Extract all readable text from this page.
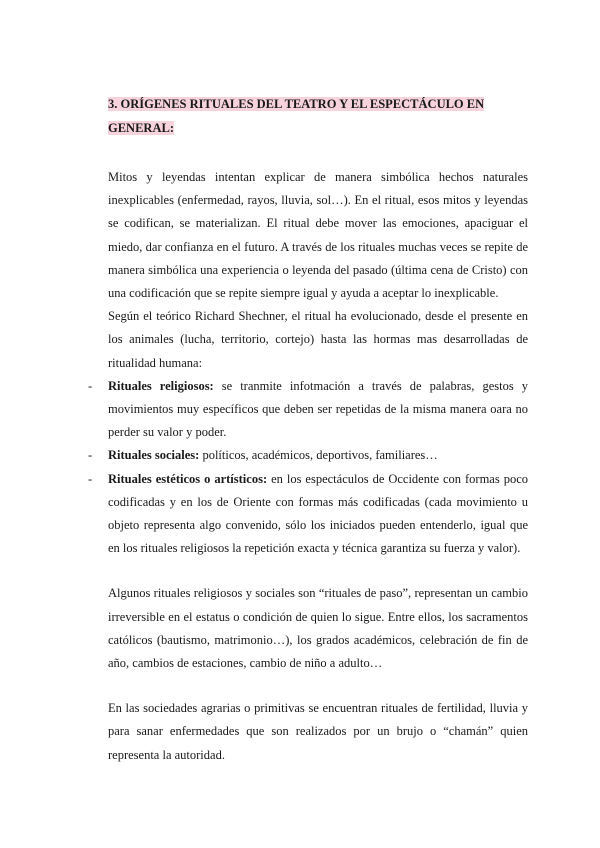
3. ORÍGENES RITUALES DEL TEATRO Y EL ESPECTÁCULO EN
GENERAL:

Mitos y leyendas intentan explicar de manera simbólica hechos naturales inexplicables (enfermedad, rayos, lluvia, sol…). En el ritual, esos mitos y leyendas se codifican, se materializan. El ritual debe mover las emociones, apaciguar el miedo, dar confianza en el futuro. A través de los rituales muchas veces se repite de manera simbólica una experiencia o leyenda del pasado (última cena de Cristo) con una codificación que se repite siempre igual y ayuda a aceptar lo inexplicable.

Según el teórico Richard Shechner, el ritual ha evolucionado, desde el presente en los animales (lucha, territorio, cortejo) hasta las hormas mas desarrolladas de ritualidad humana:

- Rituales religiosos: se tranmite infotmación a través de palabras, gestos y movimientos muy específicos que deben ser repetidas de la misma manera oara no perder su valor y poder.
- Rituales sociales: políticos, académicos, deportivos, familiares…
- Rituales estéticos o artísticos: en los espectáculos de Occidente con formas poco codificadas y en los de Oriente con formas más codificadas (cada movimiento u objeto representa algo convenido, sólo los iniciados pueden entenderlo, igual que en los rituales religiosos la repetición exacta y técnica garantiza su fuerza y valor).

Algunos rituales religiosos y sociales son “rituales de paso”, representan un cambio irreversible en el estatus o condición de quien lo sigue. Entre ellos, los sacramentos católicos (bautismo, matrimonio…), los grados académicos, celebración de fin de año, cambios de estaciones, cambio de niño a adulto…

En las sociedades agrarias o primitivas se encuentran rituales de fertilidad, lluvia y para sanar enfermedades que son realizados por un brujo o “chamán” quien representa la autoridad.
